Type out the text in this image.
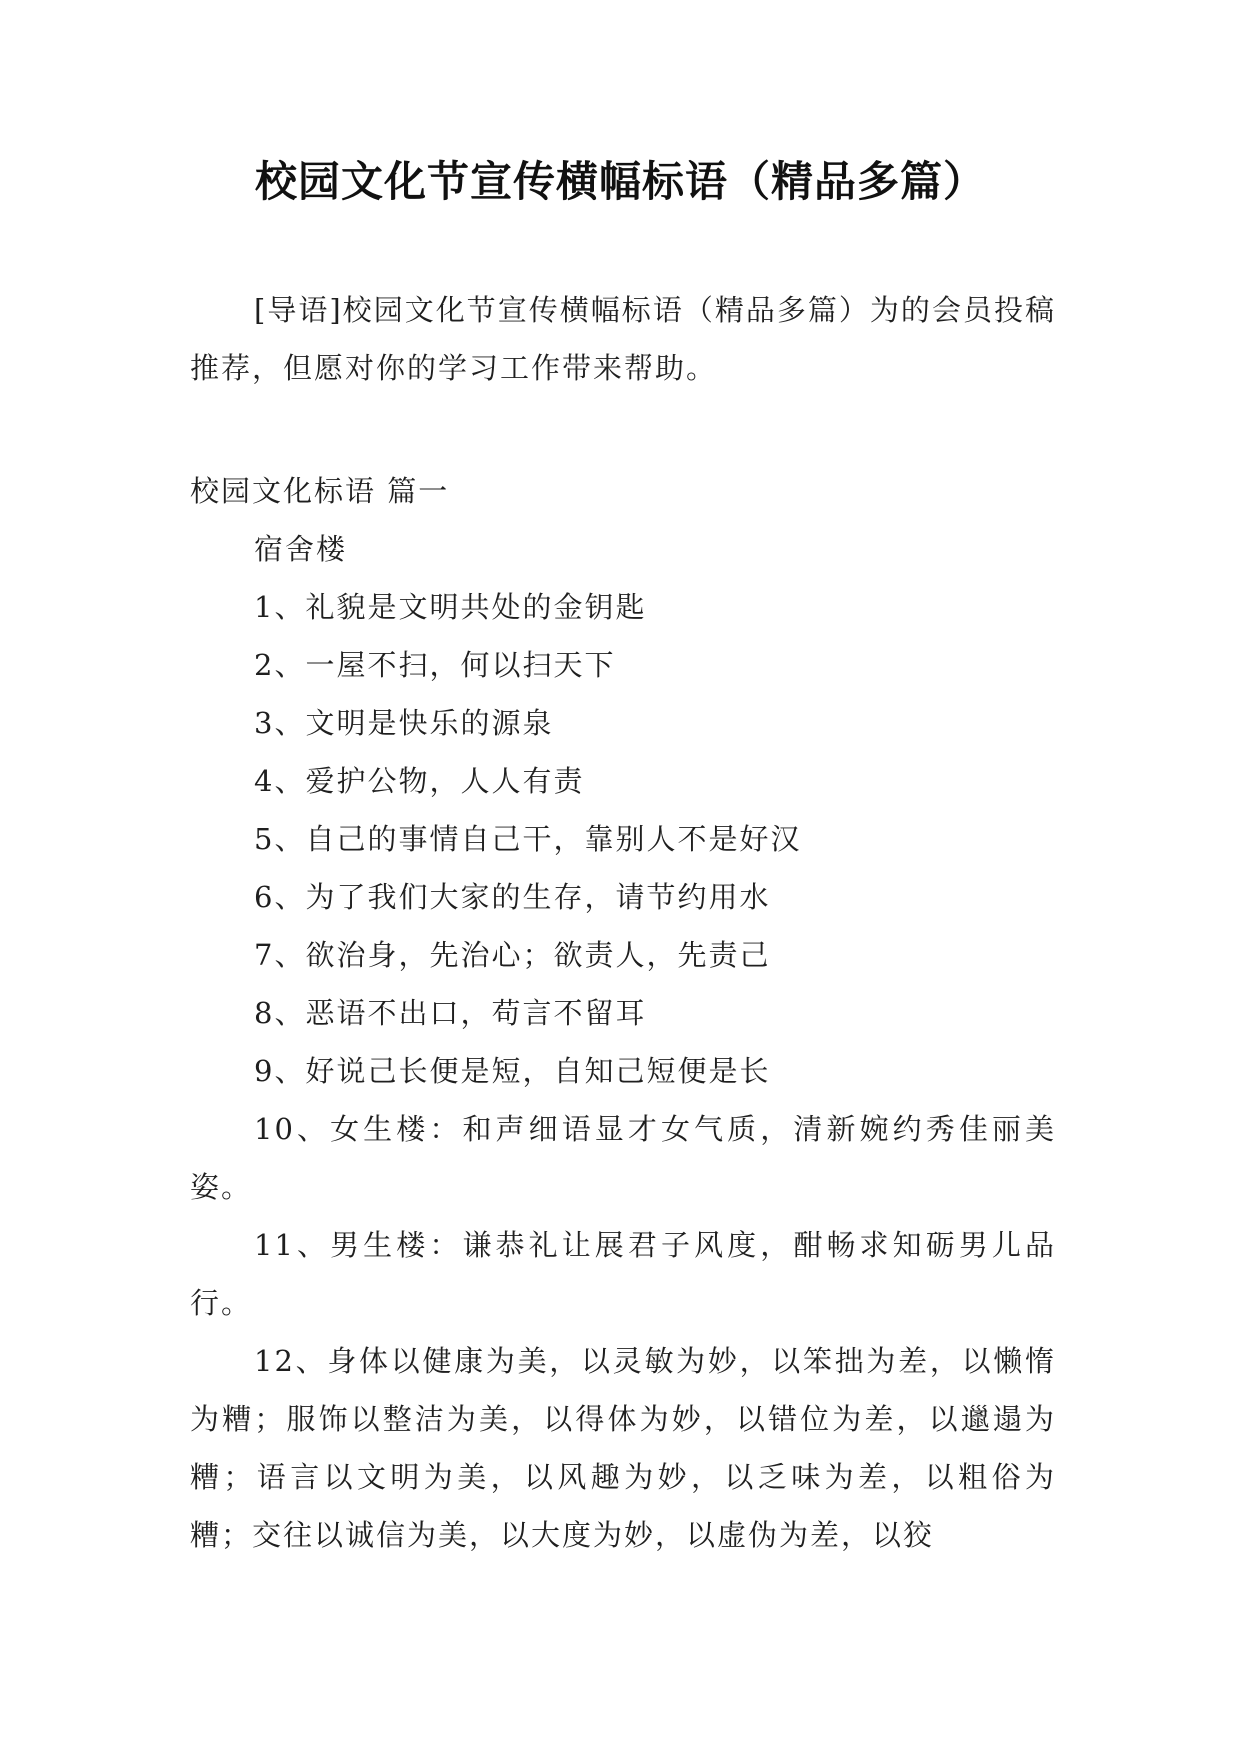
校园文化节宣传横幅标语（精品多篇）

[导语]校园文化节宣传横幅标语（精品多篇）为的会员投稿推荐，但愿对你的学习工作带来帮助。

校园文化标语 篇一

宿舍楼

1、礼貌是文明共处的金钥匙

2、一屋不扫，何以扫天下

3、文明是快乐的源泉

4、爱护公物，人人有责

5、自己的事情自己干，靠别人不是好汉

6、为了我们大家的生存，请节约用水

7、欲治身，先治心；欲责人，先责己

8、恶语不出口，苟言不留耳

9、好说己长便是短，自知己短便是长

10、女生楼：和声细语显才女气质，清新婉约秀佳丽美姿。

11、男生楼：谦恭礼让展君子风度，酣畅求知砺男儿品行。

12、身体以健康为美，以灵敏为妙，以笨拙为差，以懒惰为糟；服饰以整洁为美，以得体为妙，以错位为差，以邋遢为糟；语言以文明为美，以风趣为妙，以乏味为差，以粗俗为糟；交往以诚信为美，以大度为妙，以虚伪为差，以狡
